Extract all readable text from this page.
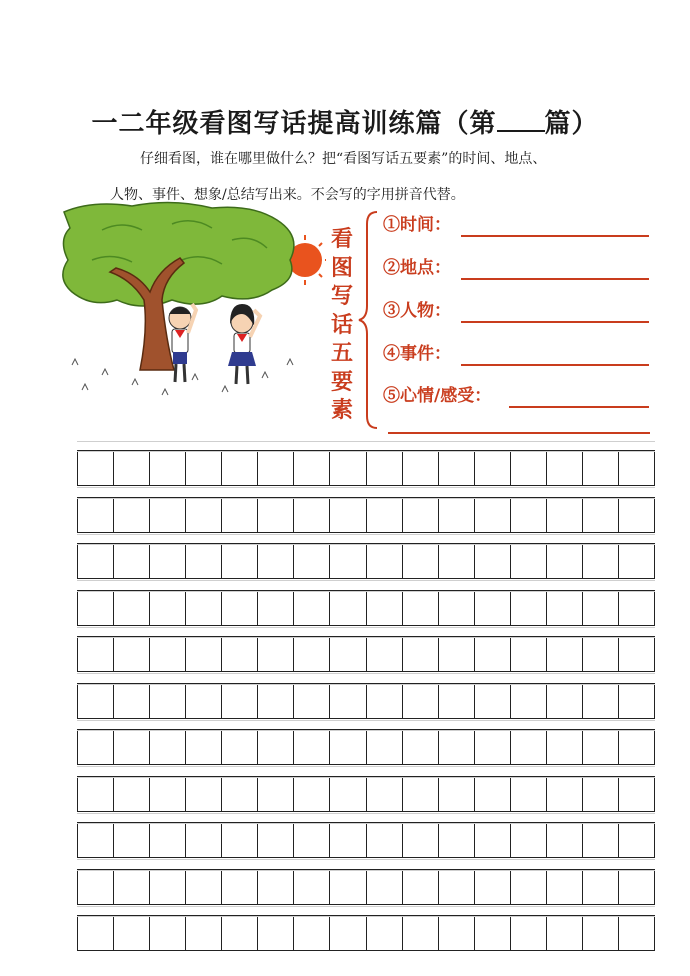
一二年级看图写话提高训练篇（第 篇）
仔细看图，谁在哪里做什么？把“看图写话五要素”的时间、地点、
人物、事件、想象/总结写出来。不会写的字用拼音代替。
看
图
写
话
五
要
素
①时间：
②地点：
③人物：
④事件：
⑤心情/感受：
